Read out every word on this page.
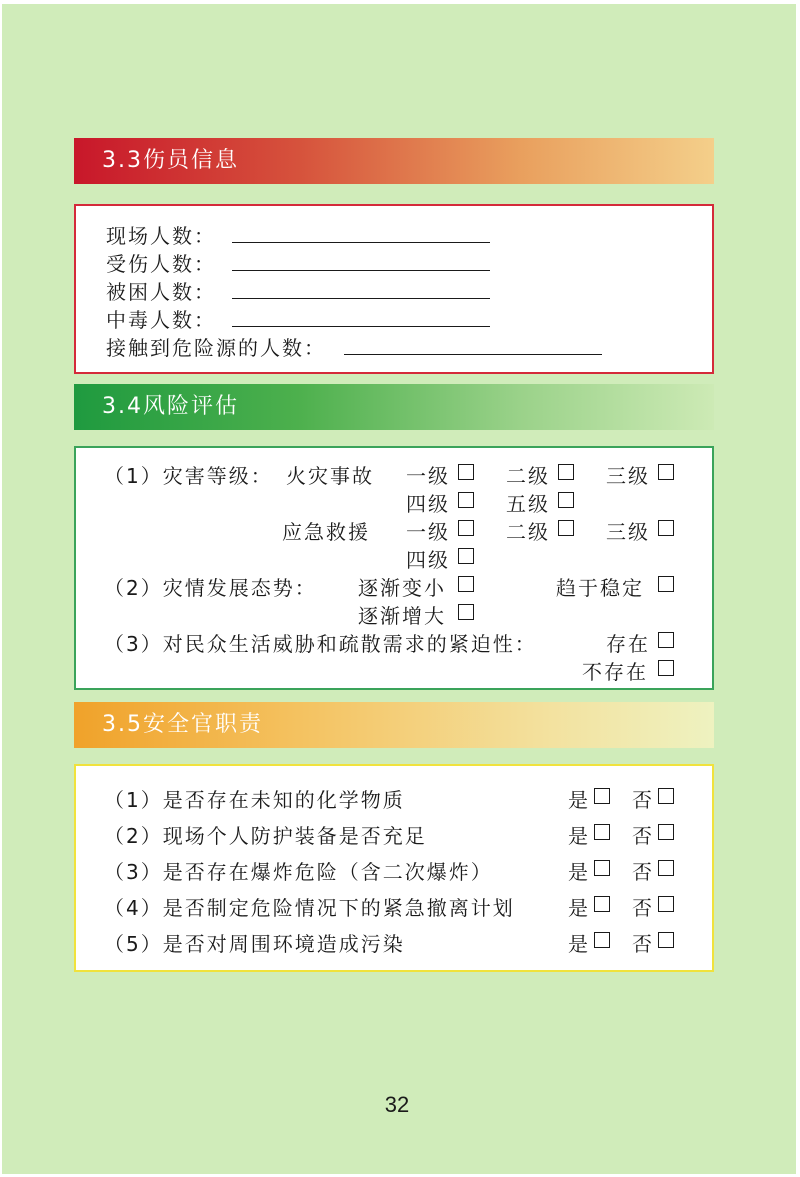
3.3伤员信息
现场人数：
受伤人数：
被困人数：
中毒人数：
接触到危险源的人数：
3.4风险评估
（1）灾害等级： 火灾事故 一级	二级	三级
四级	五级
应急救援 一级	二级	三级
四级
（2）灾情发展态势： 逐渐变小	趋于稳定
逐渐增大
（3）对民众生活威胁和疏散需求的紧迫性：	存在
不存在
3.5安全官职责
（1）是否存在未知的化学物质	是 否
（2）现场个人防护装备是否充足	是 否
（3）是否存在爆炸危险（含二次爆炸）	是 否
（4）是否制定危险情况下的紧急撤离计划	是 否
（5）是否对周围环境造成污染	是 否
32
